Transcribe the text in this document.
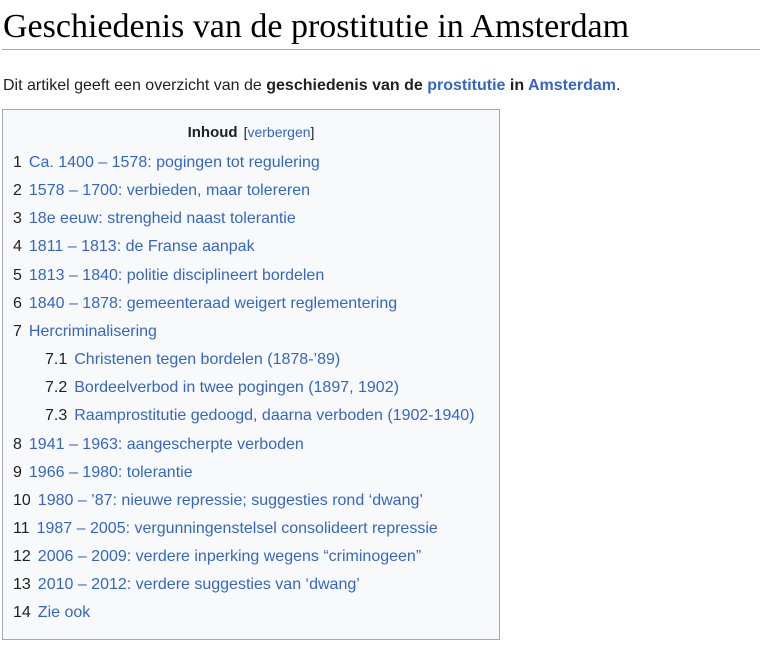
Geschiedenis van de prostitutie in Amsterdam

Dit artikel geeft een overzicht van de geschiedenis van de prostitutie in Amsterdam.

Inhoud [verbergen]
1 Ca. 1400 – 1578: pogingen tot regulering
2 1578 – 1700: verbieden, maar tolereren
3 18e eeuw: strengheid naast tolerantie
4 1811 – 1813: de Franse aanpak
5 1813 – 1840: politie disciplineert bordelen
6 1840 – 1878: gemeenteraad weigert reglementering
7 Hercriminalisering
7.1 Christenen tegen bordelen (1878-’89)
7.2 Bordeelverbod in twee pogingen (1897, 1902)
7.3 Raamprostitutie gedoogd, daarna verboden (1902-1940)
8 1941 – 1963: aangescherpte verboden
9 1966 – 1980: tolerantie
10 1980 – ’87: nieuwe repressie; suggesties rond ‘dwang’
11 1987 – 2005: vergunningenstelsel consolideert repressie
12 2006 – 2009: verdere inperking wegens “criminogeen”
13 2010 – 2012: verdere suggesties van ‘dwang’
14 Zie ook
